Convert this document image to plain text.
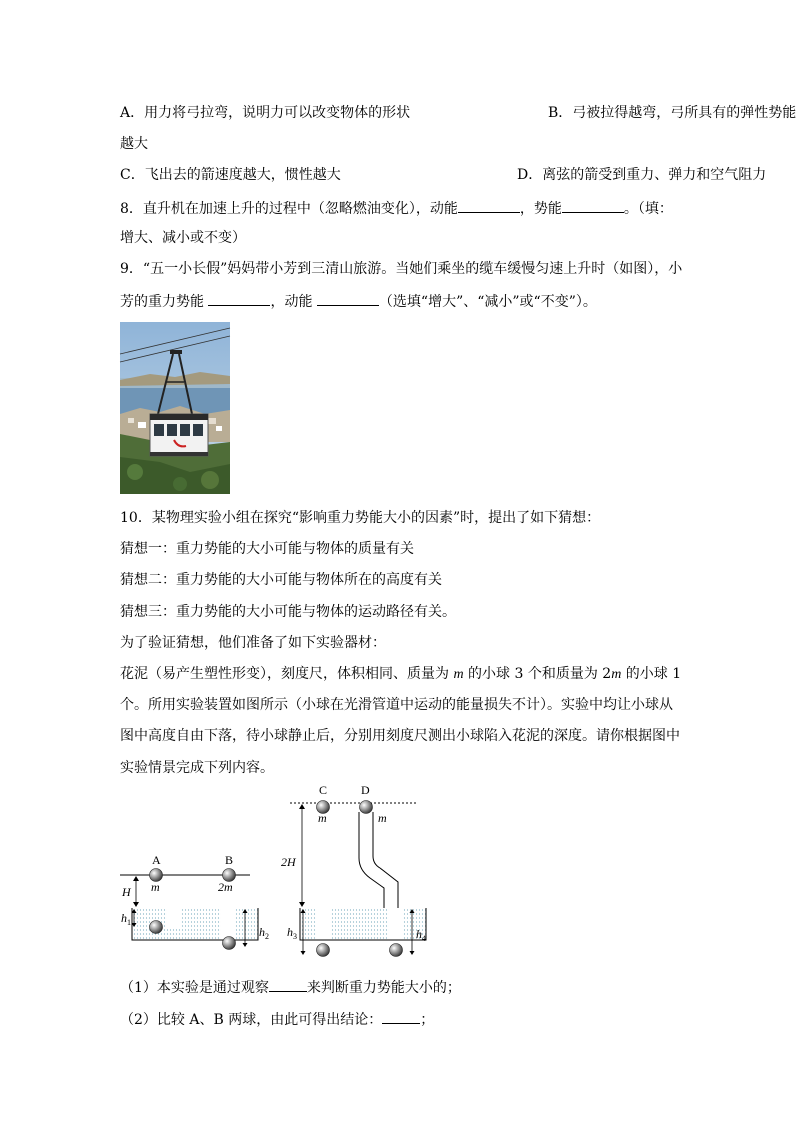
A．用力将弓拉弯，说明力可以改变物体的形状	B．弓被拉得越弯，弓所具有的弹性势能
越大
C．飞出去的箭速度越大，惯性越大	D．离弦的箭受到重力、弹力和空气阻力
8．直升机在加速上升的过程中（忽略燃油变化），动能	，势能	。（填：
增大、减小或不变）
9．“五一小长假”妈妈带小芳到三清山旅游。当她们乘坐的缆车缓慢匀速上升时（如图），小
芳的重力势能	，动能	（选填“增大”、“减小”或“不变”）。
10．某物理实验小组在探究“影响重力势能大小的因素”时，提出了如下猜想：
猜想一：重力势能的大小可能与物体的质量有关
猜想二：重力势能的大小可能与物体所在的高度有关
猜想三：重力势能的大小可能与物体的运动路径有关。
为了验证猜想，他们准备了如下实验器材：
花泥（易产生塑性形变），刻度尺，体积相同、质量为 m 的小球 3 个和质量为 2m 的小球 1
个。所用实验装置如图所示（小球在光滑管道中运动的能量损失不计）。实验中均让小球从
图中高度自由下落，待小球静止后，分别用刻度尺测出小球陷入花泥的深度。请你根据图中
实验情景完成下列内容。
A	B
m	2m
H
$h_1$
$h_2$
C	D
m	m
2H
$h_3$	$h_4$
（1）本实验是通过观察	来判断重力势能大小的；
（2）比较 A、B 两球，由此可得出结论：	；
